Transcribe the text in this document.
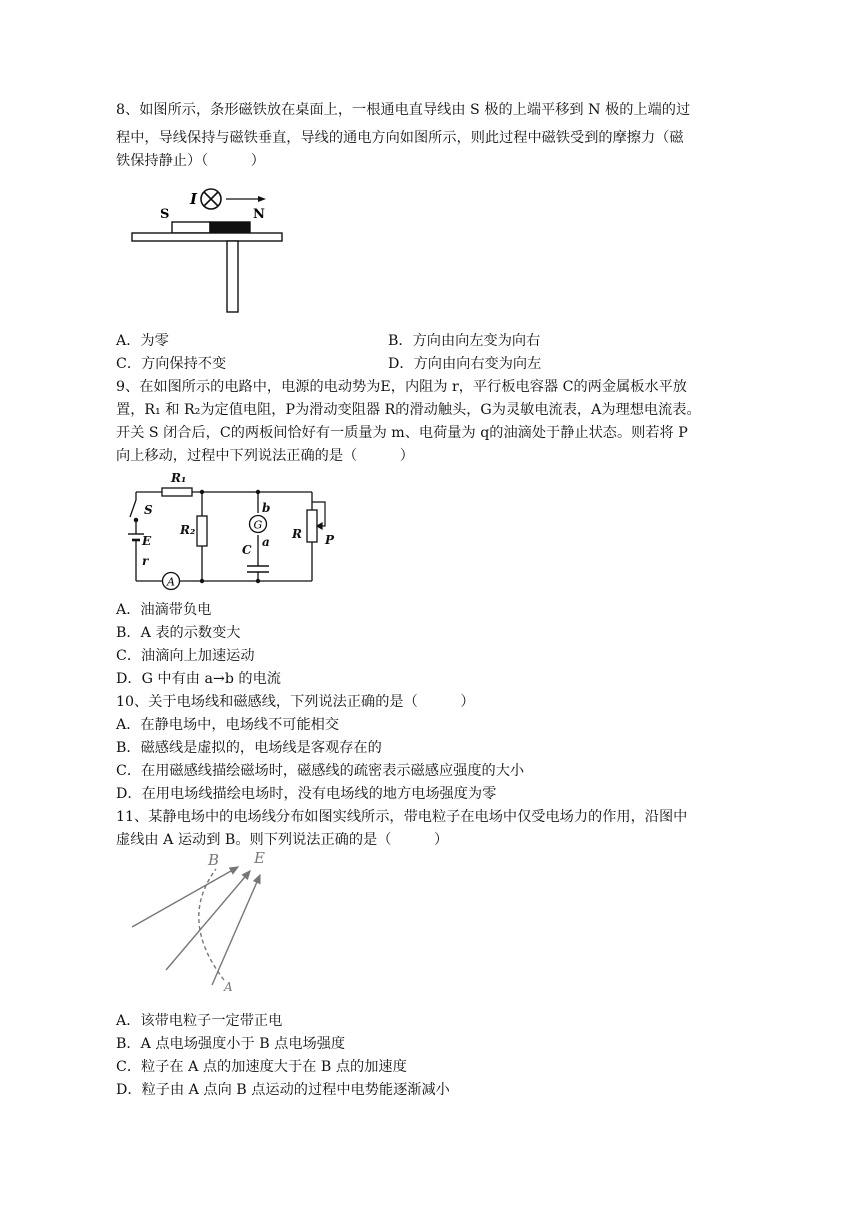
8、如图所示，条形磁铁放在桌面上，一根通电直导线由 S 极的上端平移到 N 极的上端的过
程中，导线保持与磁铁垂直，导线的通电方向如图所示，则此过程中磁铁受到的摩擦力（磁
铁保持静止）（　　　）
I
S	N
A．为零	B．方向由向左变为向右
C．方向保持不变	D．方向由向右变为向左
9、在如图所示的电路中，电源的电动势为E，内阻为 r，平行板电容器 C的两金属板水平放
置，R₁ 和 R₂为定值电阻，P为滑动变阻器 R的滑动触头，G为灵敏电流表，A为理想电流表。
开关 S 闭合后，C的两板间恰好有一质量为 m、电荷量为 q的油滴处于静止状态。则若将 P
向上移动，过程中下列说法正确的是（　　　）
A
G
R₁
R₂
S
E
r
b
a
C
R P
A．油滴带负电
B．A 表的示数变大
C．油滴向上加速运动
D．G 中有由 a→b 的电流
10、关于电场线和磁感线，下列说法正确的是（　　　）
A．在静电场中，电场线不可能相交
B．磁感线是虚拟的，电场线是客观存在的
C．在用磁感线描绘磁场时，磁感线的疏密表示磁感应强度的大小
D．在用电场线描绘电场时，没有电场线的地方电场强度为零
11、某静电场中的电场线分布如图实线所示，带电粒子在电场中仅受电场力的作用，沿图中
虚线由 A 运动到 B。则下列说法正确的是（　　　）
B E
A
A．该带电粒子一定带正电
B．A 点电场强度小于 B 点电场强度
C．粒子在 A 点的加速度大于在 B 点的加速度
D．粒子由 A 点向 B 点运动的过程中电势能逐渐减小
